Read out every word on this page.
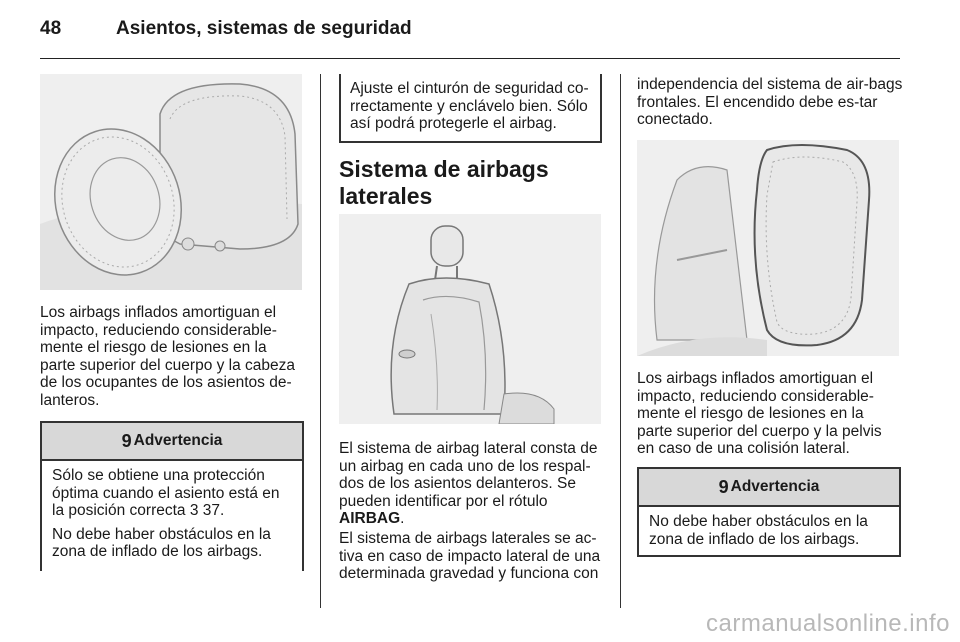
48	Asientos, sistemas de seguridad

Los airbags inflados amortiguan el impacto, reduciendo considerable-mente el riesgo de lesiones en la parte superior del cuerpo y la cabeza de los ocupantes de los asientos de-lanteros.

9 Advertencia

Sólo se obtiene una protección óptima cuando el asiento está en la posición correcta 3 37.

No debe haber obstáculos en la zona de inflado de los airbags.

Ajuste el cinturón de seguridad co-rrectamente y enclávelo bien. Sólo así podrá protegerle el airbag.
Sistema de airbags laterales

El sistema de airbag lateral consta de un airbag en cada uno de los respal-dos de los asientos delanteros. Se pueden identificar por el rótulo AIRBAG.

El sistema de airbags laterales se ac-tiva en caso de impacto lateral de una determinada gravedad y funciona con

independencia del sistema de air-bags frontales. El encendido debe es-tar conectado.

Los airbags inflados amortiguan el impacto, reduciendo considerable-mente el riesgo de lesiones en la parte superior del cuerpo y la pelvis en caso de una colisión lateral.

9 Advertencia

No debe haber obstáculos en la zona de inflado de los airbags.

carmanualsonline.info
